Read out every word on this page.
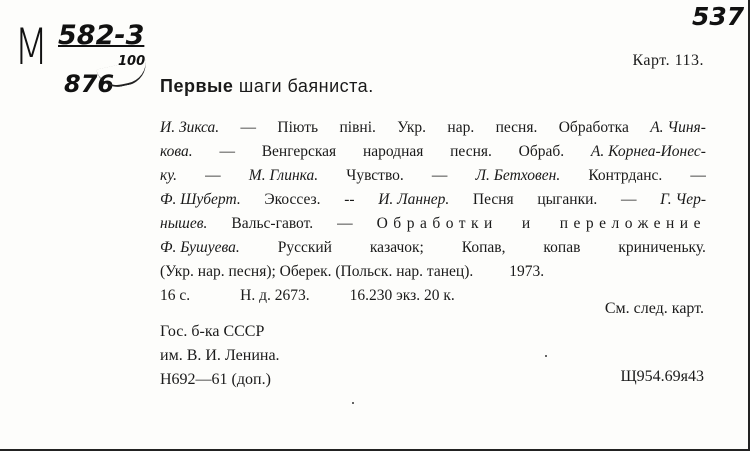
М 582-3
876
100
537
Карт. 113.
Первые шаги баяниста.
И. Зикса. — Піють півні. Укр. нар. песня. Обработка А. Чиня-
кова. — Венгерская народная песня. Обраб. А. Корнеа-Ионес-
ку. — М. Глинка. Чувство. — Л. Бетховен. Контрданс. —
Ф. Шуберт. Экоссез. -- И. Ланнер. Песня цыганки. — Г. Чер-
нышев. Вальс-гавот. — Обработки и переложение
Ф. Бушуева. Русский казачок; Копав, копав криниченьку.
(Укр. нар. песня); Оберек. (Польск. нар. танец). 1973.
16 с.	Н. д. 2673.	16.230 экз. 20 к.
См. след. карт.
Гос. б-ка СССР
им. В. И. Ленина.
Н692—61 (доп.)	Щ954.69я43
